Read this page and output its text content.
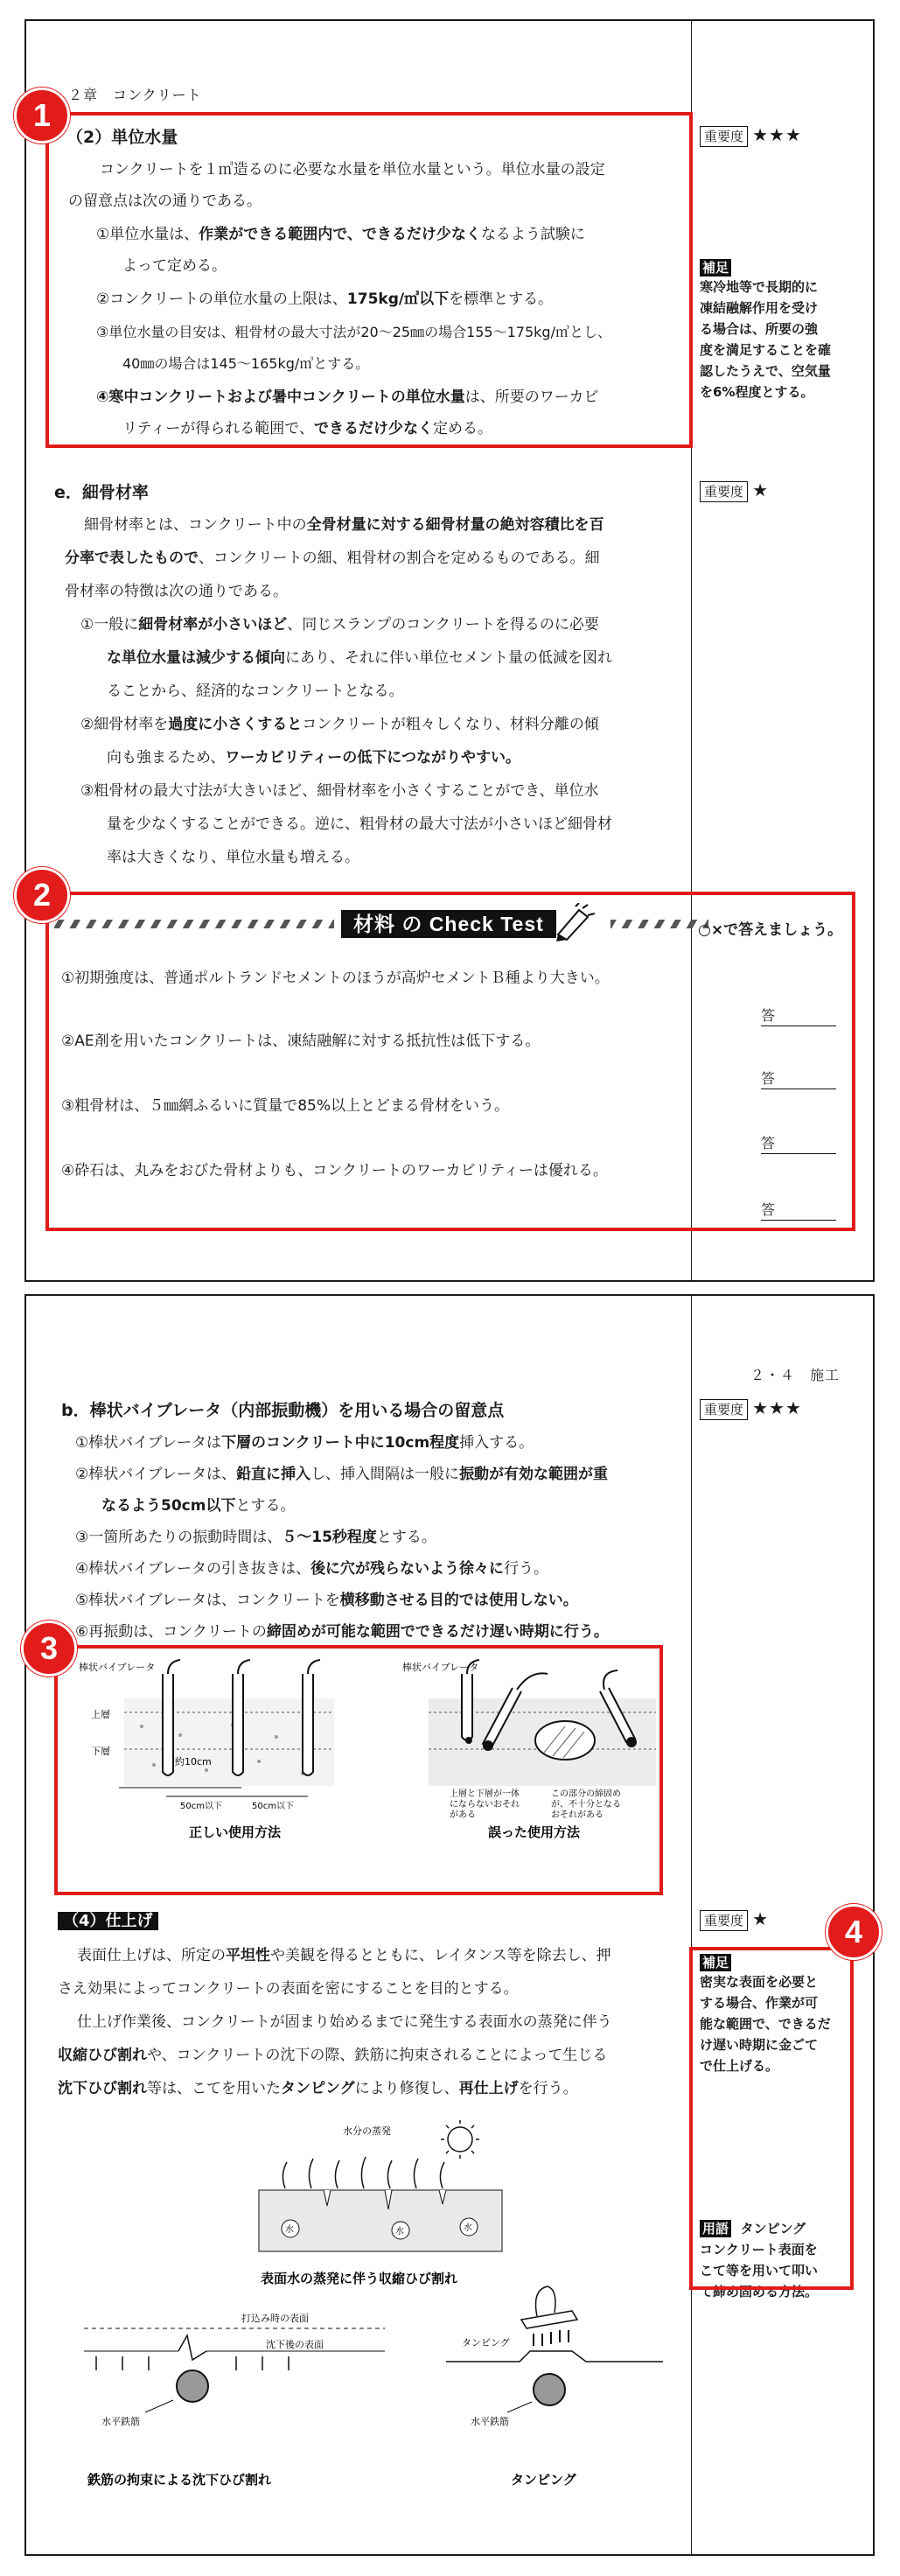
２章　コンクリート
（2）単位水量	重要度 ★★★
コンクリートを１㎥造るのに必要な水量を単位水量という。単位水量の設定
の留意点は次の通りである。
①単位水量は、作業ができる範囲内で、できるだけ少なくなるよう試験に
よって定める。
②コンクリートの単位水量の上限は、175kg/㎥以下を標準とする。
③単位水量の目安は、粗骨材の最大寸法が20～25㎜の場合155～175kg/㎥とし、
40㎜の場合は145～165kg/㎥とする。
④寒中コンクリートおよび暑中コンクリートの単位水量は、所要のワーカビ
リティーが得られる範囲で、できるだけ少なく定める。
補足
寒冷地等で長期的に
凍結融解作用を受け
る場合は、所要の強
度を満足することを確
認したうえで、空気量
を6%程度とする。
e．細骨材率	重要度 ★
細骨材率とは、コンクリート中の全骨材量に対する細骨材量の絶対容積比を百
分率で表したもので、コンクリートの細、粗骨材の割合を定めるものである。細
骨材率の特徴は次の通りである。
①一般に細骨材率が小さいほど、同じスランプのコンクリートを得るのに必要
な単位水量は減少する傾向にあり、それに伴い単位セメント量の低減を図れ
ることから、経済的なコンクリートとなる。
②細骨材率を過度に小さくするとコンクリートが粗々しくなり、材料分離の傾
向も強まるため、ワーカビリティーの低下につながりやすい。
③粗骨材の最大寸法が大きいほど、細骨材率を小さくすることができ、単位水
量を少なくすることができる。逆に、粗骨材の最大寸法が小さいほど細骨材
率は大きくなり、単位水量も増える。
材料 の Check Test	○×で答えましょう。
①初期強度は、普通ポルトランドセメントのほうが高炉セメントＢ種より大きい。
答
②AE剤を用いたコンクリートは、凍結融解に対する抵抗性は低下する。
答
③粗骨材は、５㎜網ふるいに質量で85%以上とどまる骨材をいう。
答
④砕石は、丸みをおびた骨材よりも、コンクリートのワーカビリティーは優れる。
答
２・４　施工
b．棒状バイブレータ（内部振動機）を用いる場合の留意点	重要度 ★★★
①棒状バイブレータは下層のコンクリート中に10cm程度挿入する。
②棒状バイブレータは、鉛直に挿入し、挿入間隔は一般に振動が有効な範囲が重
なるよう50cm以下とする。
③一箇所あたりの振動時間は、５～15秒程度とする。
④棒状バイブレータの引き抜きは、後に穴が残らないよう徐々に行う。
⑤棒状バイブレータは、コンクリートを横移動させる目的では使用しない。
⑥再振動は、コンクリートの締固めが可能な範囲でできるだけ遅い時期に行う。
棒状バイブレータ
上層
下層
約10cm
50cm以下	50cm以下
正しい使用方法
棒状バイブレータ
上層と下層が一体
にならないおそれ
がある
この部分の締固め
が、不十分となる
おそれがある
誤った使用方法
（4）仕上げ	重要度 ★
表面仕上げは、所定の平坦性や美観を得るとともに、レイタンス等を除去し、押
さえ効果によってコンクリートの表面を密にすることを目的とする。
仕上げ作業後、コンクリートが固まり始めるまでに発生する表面水の蒸発に伴う
収縮ひび割れや、コンクリートの沈下の際、鉄筋に拘束されることによって生じる
沈下ひび割れ等は、こてを用いたタンピングにより修復し、再仕上げを行う。
補足
密実な表面を必要と
する場合、作業が可
能な範囲で、できるだ
け遅い時期に金ごて
で仕上げる。
用語 タンピング
コンクリート表面を
こて等を用いて叩い
て締め固める方法。
水分の蒸発
水	水	水
表面水の蒸発に伴う収縮ひび割れ
打込み時の表面
沈下後の表面
水平鉄筋
鉄筋の拘束による沈下ひび割れ
タンピング
水平鉄筋
タンピング
1
2
3
4
